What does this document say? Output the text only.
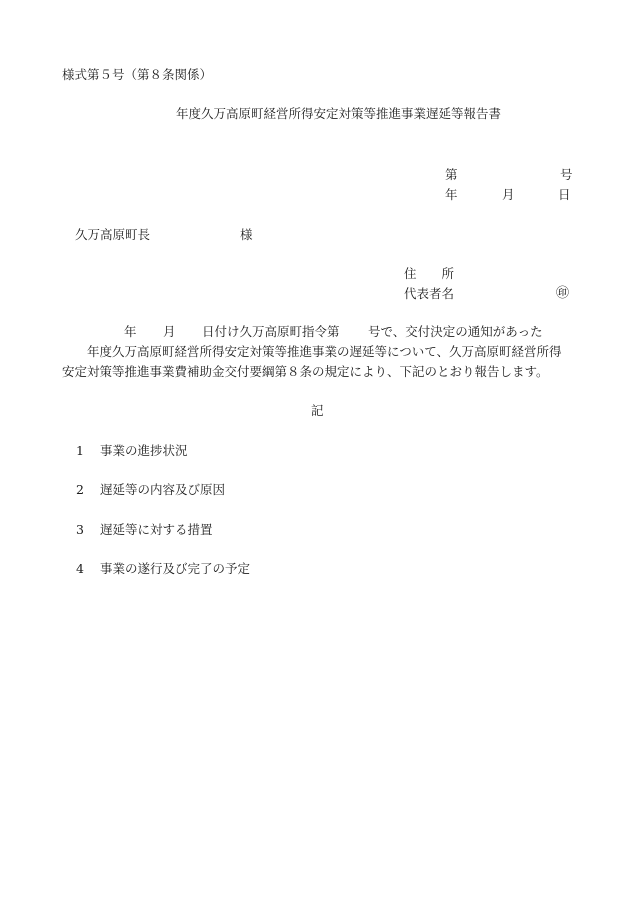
様式第５号（第８条関係）
年度久万高原町経営所得安定対策等推進事業遅延等報告書
第	号
年	月	日
久万高原町長	様
住　　所
代表者名	㊞
年 月 日付け久万高原町指令第 号で、交付決定の通知があった
年度久万高原町経営所得安定対策等推進事業の遅延等について、久万高原町経営所得
安定対策等推進事業費補助金交付要綱第８条の規定により、下記のとおり報告します。
記
1 事業の進捗状況
2 遅延等の内容及び原因
3 遅延等に対する措置
4 事業の遂行及び完了の予定
